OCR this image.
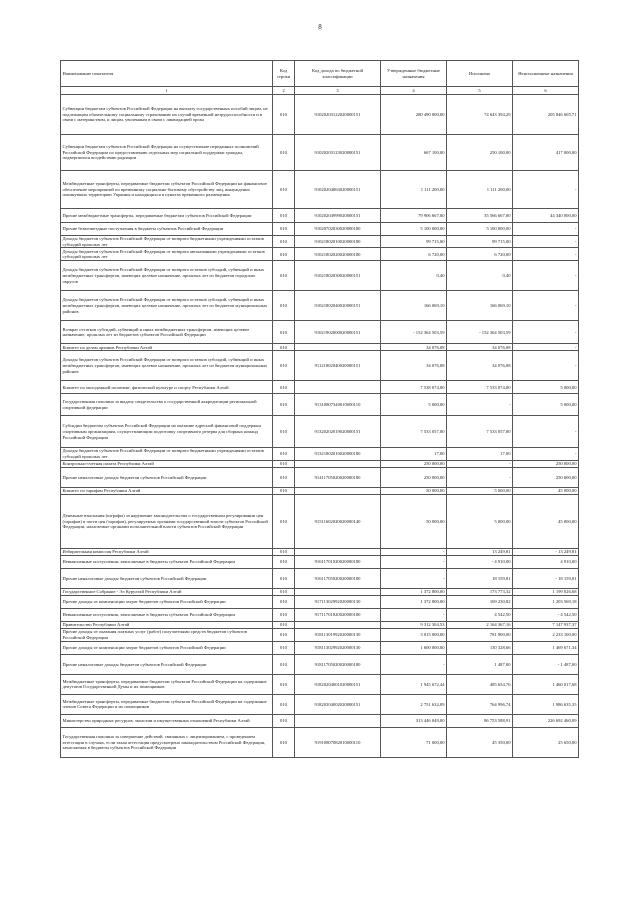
8
Наименование показателя	Код строки	Код дохода по бюджетной классификации	Утвержденные бюджетные назначения	Исполнено	Неисполненные назначения
1	2	3	4	5	6
Субвенции бюджетам субъектов Российской Федерации на выплату государственных пособий лицам, не подлежащим обязательному социальному страхованию на случай временной нетрудоспособности и в связи с материнством, и лицам, уволенным в связи с ликвидацией орган	010	91020203122020000151	280 490 000,00	74 643 394,29	205 846 605,71
Субвенции бюджетам субъектов Российской Федерации на осуществление переданных полномочий Российской Федерации по предоставлению отдельных мер социальной поддержки граждан, подвергшихся воздействию радиации	010	91020203123020000151	667 100,00	250 100,00	417 000,00
Межбюджетные трансферты, передаваемые бюджетам субъектов Российской Федерации на финансовое обеспечение мероприятий по временному социально-бытовому обустройству лиц, вынужденно покинувших территорию Украины и находящихся в пунктах временного размещения	010	91020204063020000151	1 111 200,00	1 111 200,00	-
Прочие межбюджетные трансферты, передаваемые бюджетам субъектов Российской Федерации	010	91020204999020000151	79 906 667,00	35 566 667,00	44 340 000,00
Прочие безвозмездные поступления в бюджеты субъектов Российской Федерации	010	91020702030020000180	5 100 000,00	5 100 000,00	-
Доходы бюджетов субъектов Российской Федерации от возврата бюджетными учреждениями остатков субсидий прошлых лет	010	91021802010020000180	99 715,00	99 715,00	-
Доходы бюджетов субъектов Российской Федерации от возврата автономными учреждениями остатков субсидий прошлых лет	010	91021802020020000180	6 720,00	6 720,00	-
Доходы бюджетов субъектов Российской Федерации от возврата остатков субсидий, субвенций и иных межбюджетных трансфертов, имеющих целевое назначение, прошлых лет из бюджетов городских округов	010	91021802030020000151	0,40	0,40	-
Доходы бюджетов субъектов Российской Федерации от возврата остатков субсидий, субвенций и иных межбюджетных трансфертов, имеющих целевое назначение, прошлых лет из бюджетов муниципальных районов	010	91021802040020000151	166 069,10	166 069,10	-
Возврат остатков субсидий, субвенций и иных межбюджетных трансфертов, имеющих целевое назначение, прошлых лет из бюджетов субъектов Российской Федерации	010	91021902000020000151	- 152 364 503,59	- 152 364 503,59	-
Комитет по делам архивов Республики Алтай	010		34 076,08	34 076,08	-
Доходы бюджетов субъектов Российской Федерации от возврата остатков субсидий, субвенций и иных межбюджетных трансфертов, имеющих целевое назначение, прошлых лет из бюджетов муниципальных районов	010	91121802040020000151	34 076,08	34 076,08	-
Комитет по молодежной политике, физической культуре и спорту Республики Алтай	010		7 538 074,00	7 533 074,00	5 000,00
Государственная пошлина за выдачу свидетельства о государственной аккредитации региональной спортивной федерации	010	91310807340010000110	5 000,00	-	5 000,00
Субсидии бюджетам субъектов Российской Федерации на оказание адресной финансовой поддержки спортивным организациям, осуществляющим подготовку спортивного резерва для сборных команд Российской Федерации	010	91320202019020000151	7 533 057,00	7 533 057,00	-
Доходы бюджетов субъектов Российской Федерации от возврата бюджетными учреждениями остатков субсидий прошлых лет	010	91321802010020000180	17,00	17,00	-
Контрольно-счетная палата Республики Алтай	010		250 000,00	-	250 000,00
Прочие неналоговые доходы бюджетов субъектов Российской Федерации	010	91411705020020000180	250 000,00	-	250 000,00
Комитет по тарифам Республики Алтай	010		50 000,00	5 000,00	45 000,00
Денежные взыскания (штрафы) за нарушение законодательства о государственном регулировании цен (тарифов) в части цен (тарифов), регулируемых органами государственной власти субъектов Российской Федерации, налагаемые органами исполнительной власти субъектов Российской Федерации	010	91511602020020000140	50 000,00	5 000,00	45 000,00
Избирательная комиссия Республики Алтай	010		-	13 249,81	- 13 249,81
Невыясненные поступления, зачисляемые в бюджеты субъектов Российской Федерации	010	91611701020020000180	-	- 4 910,00	4 910,00
Прочие неналоговые доходы бюджетов субъектов Российской Федерации	010	91611705020020000180	-	18 159,81	- 18 159,81
Государственное Собрание - Эл Курултай Республики Алтай	010		1 372 800,00	173 773,32	1 199 026,68
Прочие доходы от компенсации затрат бюджетов субъектов Российской Федерации	010	91711302992020000130	1 372 800,00	169 230,82	1 203 569,18
Невыясненные поступления, зачисляемые в бюджеты субъектов Российской Федерации	010	91711701020020000180	-	4 542,50	- 4 542,50
Правительство Республики Алтай	010		9 312 304,53	2 164 367,16	7 147 937,37
Прочие доходы от оказания платных услуг (работ) получателями средств бюджетов субъектов Российской Федерации	010	91811301992020000130	3 015 000,00	781 900,00	2 233 100,00
Прочие доходы от компенсации затрат бюджетов субъектов Российской Федерации	010	91811302992020000130	1 600 000,00	130 328,66	1 469 671,34
Прочие неналоговые доходы бюджетов субъектов Российской Федерации	010	91811705020020000180	-	1 487,00	- 1 487,00
Межбюджетные трансферты, передаваемые бюджетам субъектов Российской Федерации на содержание депутатов Государственной Думы и их помощников	010	91820204001020000151	1 945 672,44	485 654,76	1 460 017,68
Межбюджетные трансферты, передаваемые бюджетам субъектов Российской Федерации на содержание членов Совета Федерации и их помощников	010	91820204002020000151	2 751 632,09	764 996,74	1 986 635,35
Министерство природных ресурсов, экологии и имущественных отношений Республики Алтай	010		313 446 049,00	86 753 588,91	226 692 460,09
Государственная пошлина за совершение действий, связанных с лицензированием, с проведением аттестации в случаях, если такая аттестация предусмотрена законодательством Российской Федерации, зачисляемая в бюджеты субъектов Российской Федерации	010	91910807082010000110	71 000,00	45 350,00	25 650,00
